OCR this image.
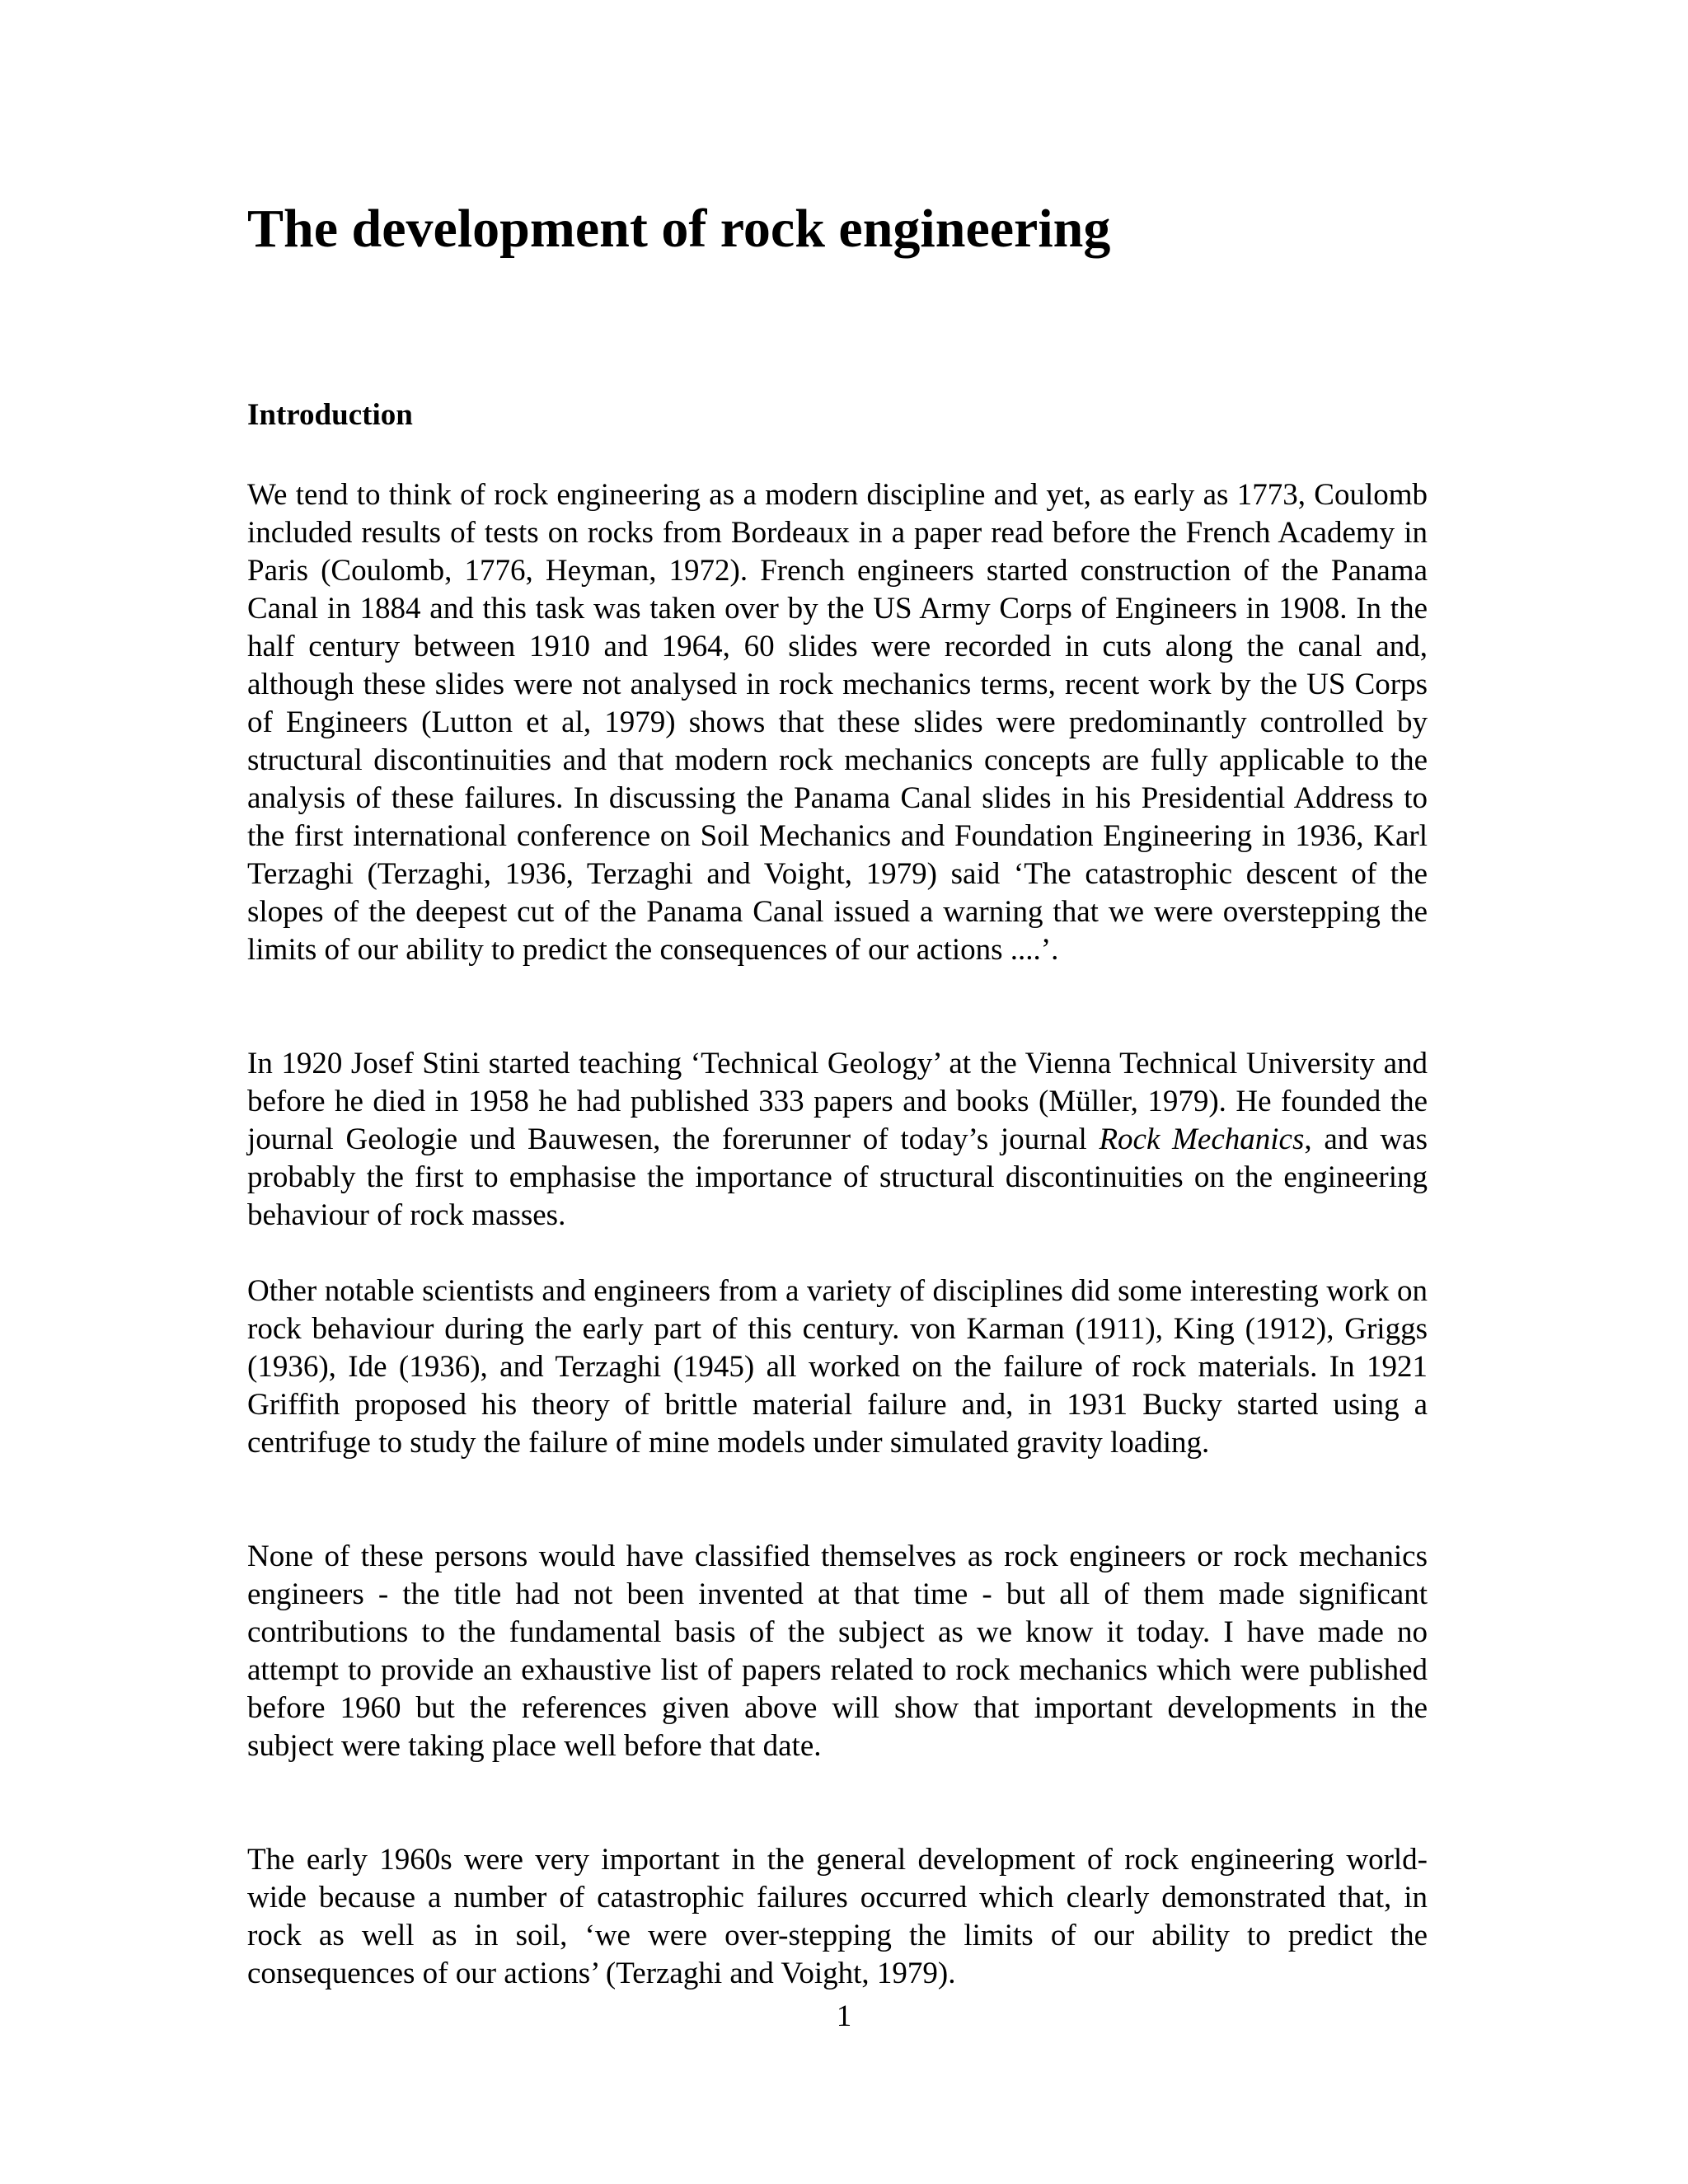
The development of rock engineering
Introduction

We tend to think of rock engineering as a modern discipline and yet, as early as 1773, Coulomb included results of tests on rocks from Bordeaux in a paper read before the French Academy in Paris (Coulomb, 1776, Heyman, 1972). French engineers started construction of the Panama Canal in 1884 and this task was taken over by the US Army Corps of Engineers in 1908. In the half century between 1910 and 1964, 60 slides were recorded in cuts along the canal and, although these slides were not analysed in rock mechanics terms, recent work by the US Corps of Engineers (Lutton et al, 1979) shows that these slides were predominantly controlled by structural discontinuities and that modern rock mechanics concepts are fully applicable to the analysis of these failures. In discussing the Panama Canal slides in his Presidential Address to the first international conference on Soil Mechanics and Foundation Engineering in 1936, Karl Terzaghi (Terzaghi, 1936, Terzaghi and Voight, 1979) said ‘The catastrophic descent of the slopes of the deepest cut of the Panama Canal issued a warning that we were overstepping the limits of our ability to predict the consequences of our actions ....’.

In 1920 Josef Stini started teaching ‘Technical Geology’ at the Vienna Technical University and before he died in 1958 he had published 333 papers and books (Müller, 1979). He founded the journal Geologie und Bauwesen, the forerunner of today’s journal Rock Mechanics, and was probably the first to emphasise the importance of structural discontinuities on the engineering behaviour of rock masses.

Other notable scientists and engineers from a variety of disciplines did some interesting work on rock behaviour during the early part of this century. von Karman (1911), King (1912), Griggs (1936), Ide (1936), and Terzaghi (1945) all worked on the failure of rock materials. In 1921 Griffith proposed his theory of brittle material failure and, in 1931 Bucky started using a centrifuge to study the failure of mine models under simulated gravity loading.

None of these persons would have classified themselves as rock engineers or rock mechanics engineers - the title had not been invented at that time - but all of them made significant contributions to the fundamental basis of the subject as we know it today. I have made no attempt to provide an exhaustive list of papers related to rock mechanics which were published before 1960 but the references given above will show that important developments in the subject were taking place well before that date.

The early 1960s were very important in the general development of rock engineering world-wide because a number of catastrophic failures occurred which clearly demonstrated that, in rock as well as in soil, ‘we were over-stepping the limits of our ability to predict the consequences of our actions’ (Terzaghi and Voight, 1979).

1
